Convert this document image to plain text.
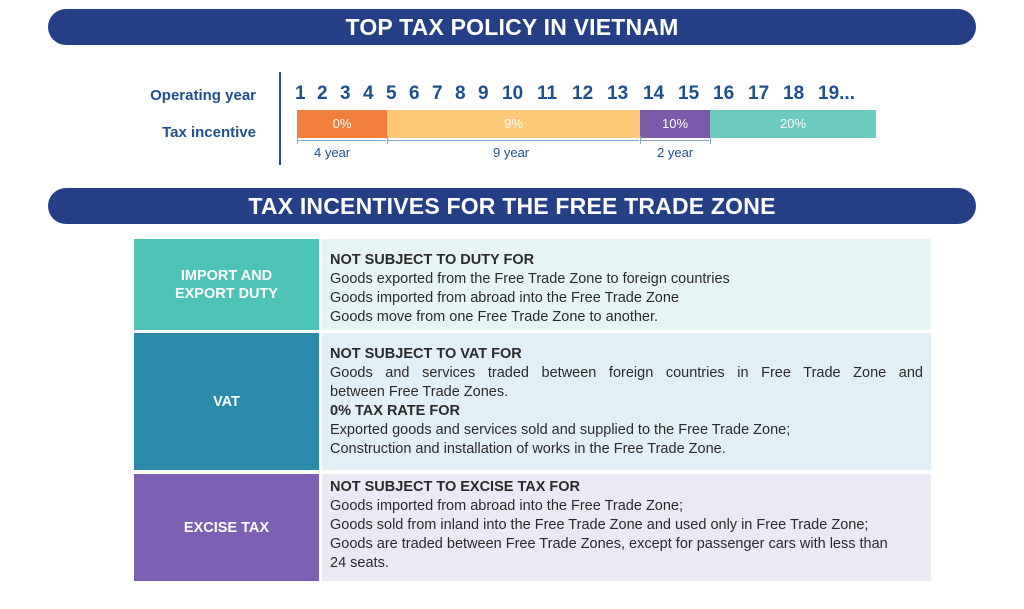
TOP TAX POLICY IN VIETNAM
Operating year
Tax incentive
1 2 3 4 5 6 7 8 9 10 11 12 13 14 15 16 17 18 19...
0%	9%	10%	20%
4 year	9 year	2 year
TAX INCENTIVES FOR THE FREE TRADE ZONE
IMPORT AND EXPORT DUTY
NOT SUBJECT TO DUTY FOR
Goods exported from the Free Trade Zone to foreign countries
Goods imported from abroad into the Free Trade Zone
Goods move from one Free Trade Zone to another.
VAT
NOT SUBJECT TO VAT FOR
Goods and services traded between foreign countries in Free Trade Zone and
between Free Trade Zones.
0% TAX RATE FOR
Exported goods and services sold and supplied to the Free Trade Zone;
Construction and installation of works in the Free Trade Zone.
EXCISE TAX
NOT SUBJECT TO EXCISE TAX FOR
Goods imported from abroad into the Free Trade Zone;
Goods sold from inland into the Free Trade Zone and used only in Free Trade Zone;
Goods are traded between Free Trade Zones, except for passenger cars with less than
24 seats.
